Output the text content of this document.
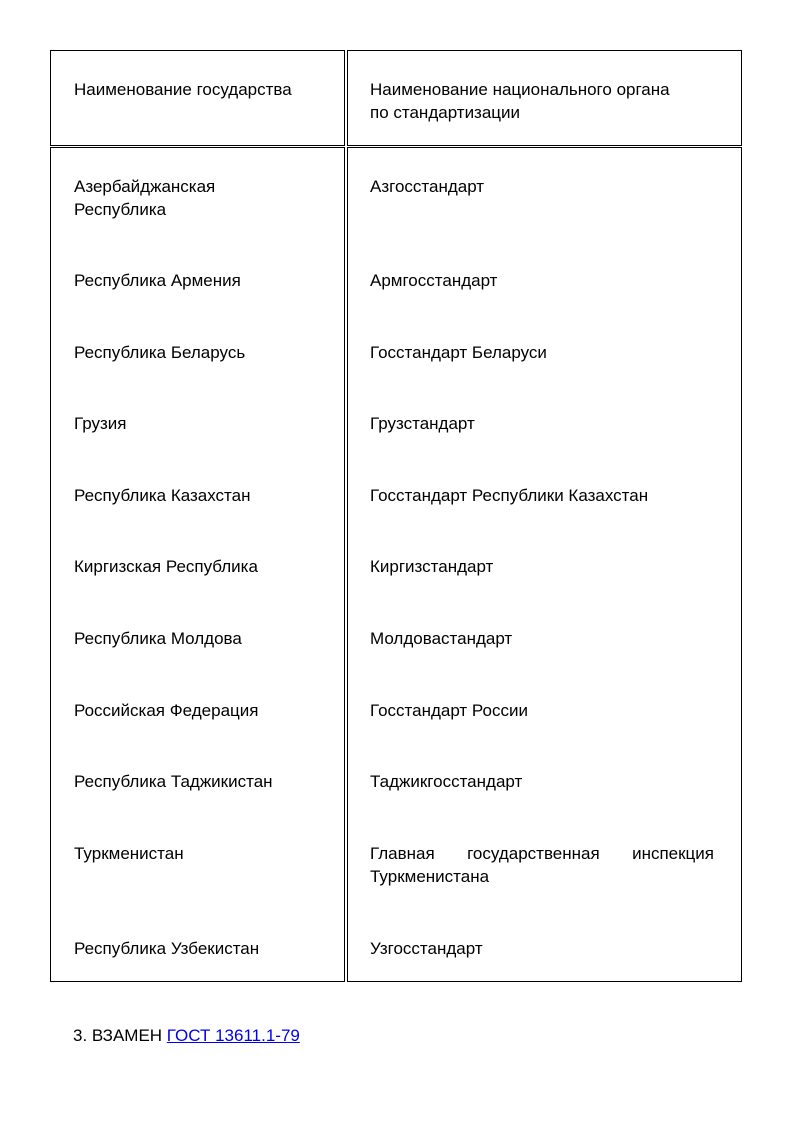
Наименование государства	Наименование национального органа
по стандартизации
Азербайджанская
Республика
Республика Армения
Республика Беларусь
Грузия
Республика Казахстан
Киргизская Республика
Республика Молдова
Российская Федерация
Республика Таджикистан
Туркменистан
Республика Узбекистан
Азгосстандарт
Армгосстандарт
Госстандарт Беларуси
Грузстандарт
Госстандарт Республики Казахстан
Киргизстандарт
Молдовастандарт
Госстандарт России
Таджикгосстандарт
Главная государственная инспекция Туркменистана
Узгосстандарт
3. ВЗАМЕН ГОСТ 13611.1-79
